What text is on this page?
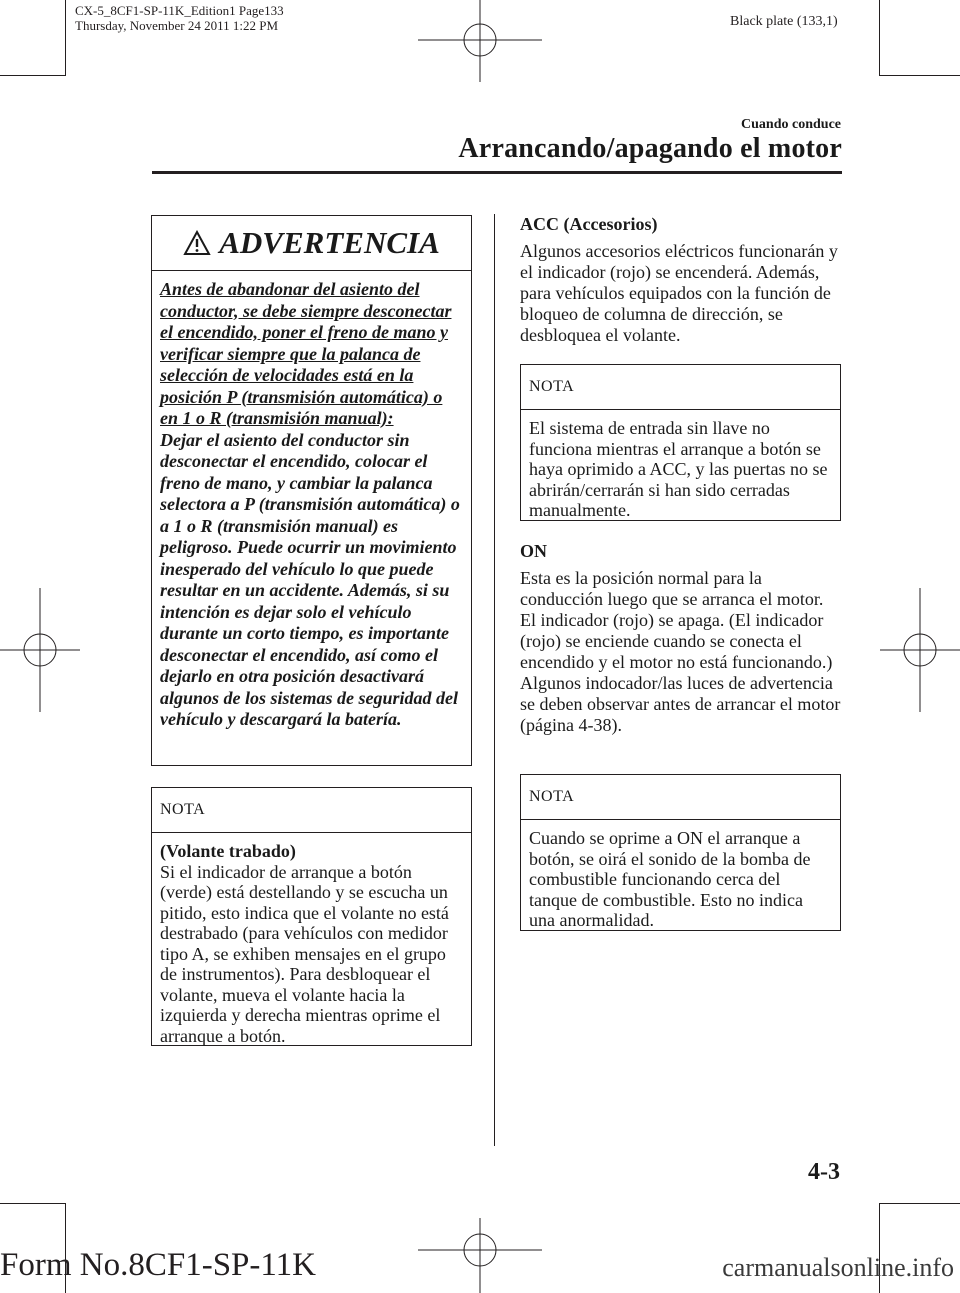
CX-5_8CF1-SP-11K_Edition1 Page133
Thursday, November 24 2011 1:22 PM	Black plate (133,1)
Cuando conduce
Arrancando/apagando el motor
ADVERTENCIA
Antes de abandonar del asiento del conductor, se debe siempre desconectar el encendido, poner el freno de mano y verificar siempre que la palanca de selección de velocidades está en la posición P (transmisión automática) o en 1 o R (transmisión manual):
Dejar el asiento del conductor sin desconectar el encendido, colocar el freno de mano, y cambiar la palanca selectora a P (transmisión automática) o a 1 o R (transmisión manual) es peligroso. Puede ocurrir un movimiento inesperado del vehículo lo que puede resultar en un accidente. Además, si su intención es dejar solo el vehículo durante un corto tiempo, es importante desconectar el encendido, así como el dejarlo en otra posición desactivará algunos de los sistemas de seguridad del vehículo y descargará la batería.
NOTA
(Volante trabado)
Si el indicador de arranque a botón (verde) está destellando y se escucha un pitido, esto indica que el volante no está destrabado (para vehículos con medidor tipo A, se exhiben mensajes en el grupo de instrumentos). Para desbloquear el volante, mueva el volante hacia la izquierda y derecha mientras oprime el arranque a botón.
ACC (Accesorios)
Algunos accesorios eléctricos funcionarán y el indicador (rojo) se encenderá. Además, para vehículos equipados con la función de bloqueo de columna de dirección, se desbloquea el volante.
NOTA
El sistema de entrada sin llave no funciona mientras el arranque a botón se haya oprimido a ACC, y las puertas no se abrirán/cerrarán si han sido cerradas manualmente.
ON
Esta es la posición normal para la conducción luego que se arranca el motor. El indicador (rojo) se apaga. (El indicador (rojo) se enciende cuando se conecta el encendido y el motor no está funcionando.)
Algunos indocador/las luces de advertencia se deben observar antes de arrancar el motor (página 4-38).
NOTA
Cuando se oprime a ON el arranque a botón, se oirá el sonido de la bomba de combustible funcionando cerca del tanque de combustible. Esto no indica una anormalidad.
4-3
Form No.8CF1-SP-11K	carmanualsonline.info
